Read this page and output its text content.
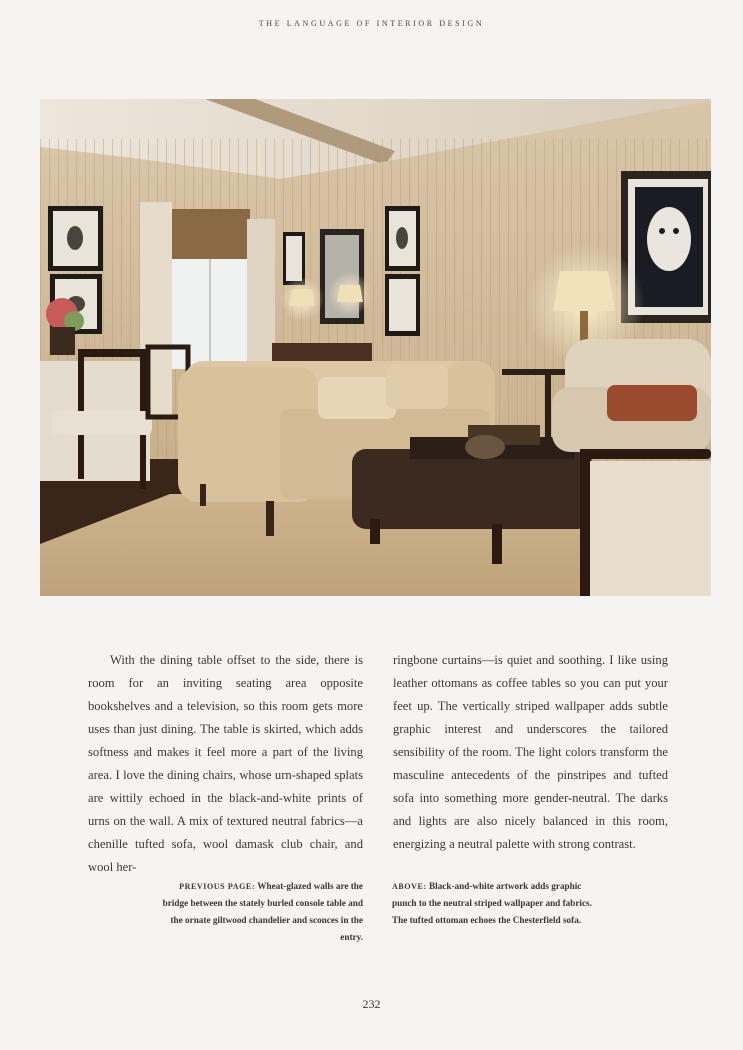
THE LANGUAGE OF INTERIOR DESIGN

With the dining table offset to the side, there is room for an inviting seating area opposite bookshelves and a television, so this room gets more uses than just dining. The table is skirted, which adds softness and makes it feel more a part of the living area. I love the dining chairs, whose urn-shaped splats are wittily echoed in the black-and-white prints of urns on the wall. A mix of textured neutral fabrics—a chenille tufted sofa, wool damask club chair, and wool her-

ringbone curtains—is quiet and soothing. I like using leather ottomans as coffee tables so you can put your feet up. The vertically striped wallpaper adds subtle graphic interest and underscores the tailored sensibility of the room. The light colors transform the masculine antecedents of the pinstripes and tufted sofa into something more gender-neutral. The darks and lights are also nicely balanced in this room, energizing a neutral palette with strong contrast.

PREVIOUS PAGE: Wheat-glazed walls are the bridge between the stately burled console table and the ornate giltwood chandelier and sconces in the entry.

ABOVE: Black-and-white artwork adds graphic punch to the neutral striped wallpaper and fabrics. The tufted ottoman echoes the Chesterfield sofa.

232
